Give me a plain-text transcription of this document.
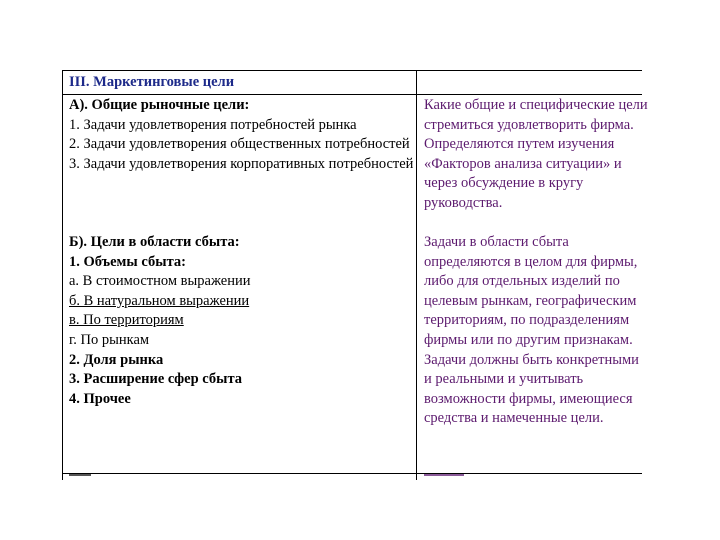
III. Маркетинговые цели
А). Общие рыночные цели:
1. Задачи удовлетворения потребностей рынка
2. Задачи удовлетворения общественных потребностей
3. Задачи удовлетворения корпоративных потребностей
Какие общие и специфические цели
стремиться удовлетворить фирма.
Определяются путем изучения
«Факторов анализа ситуации» и
через обсуждение в кругу
руководства.
Б). Цели в области сбыта:
1. Объемы сбыта:
а. В стоимостном выражении
б. В натуральном выражении
в. По территориям
г. По рынкам
2. Доля рынка
3. Расширение сфер сбыта
4. Прочее
Задачи в области сбыта
определяются в целом для фирмы,
либо для отдельных изделий по
целевым рынкам, географическим
территориям, по подразделениям
фирмы или по другим признакам.
Задачи должны быть конкретными
и реальными и учитывать
возможности фирмы, имеющиеся
средства и намеченные цели.
